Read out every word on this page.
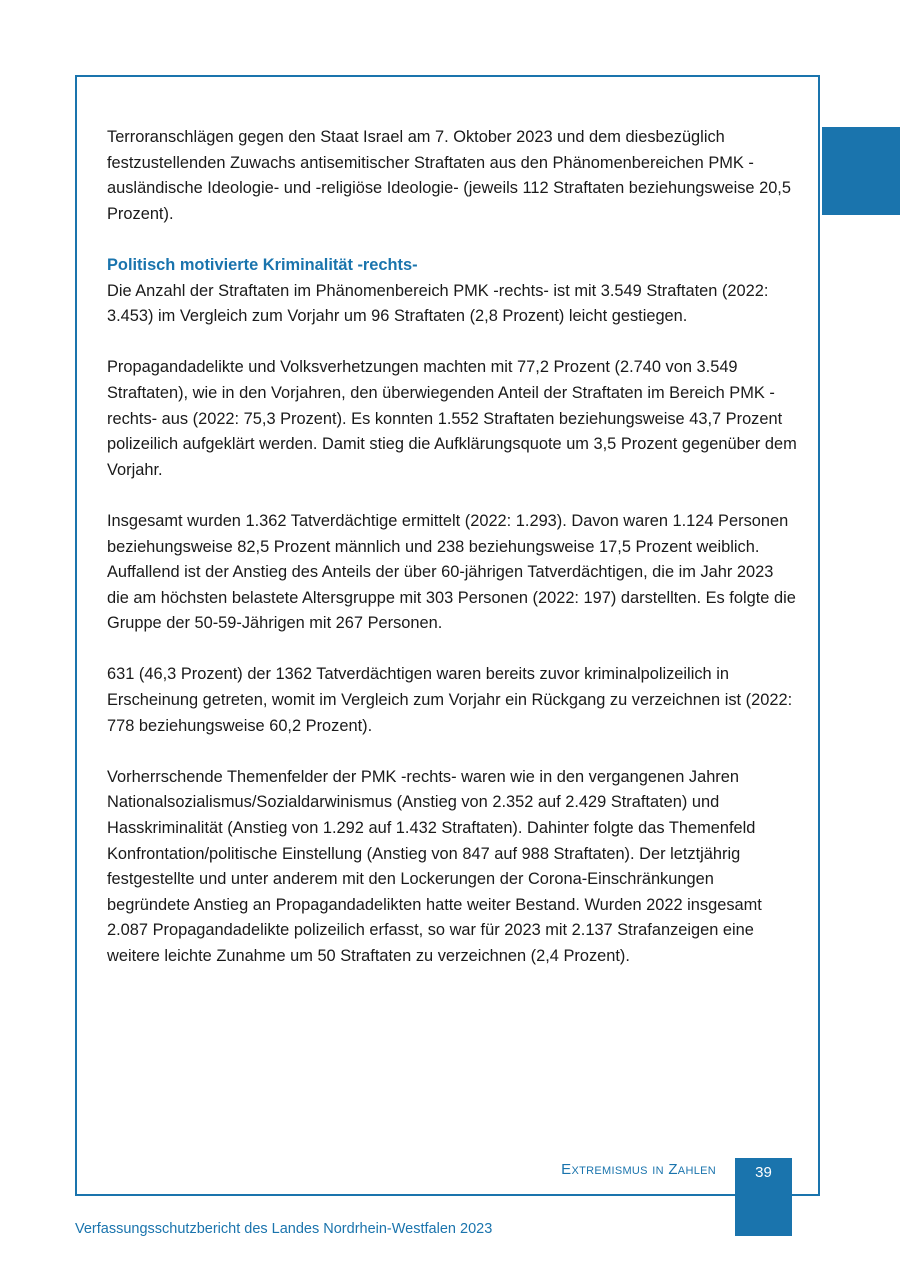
Terroranschlägen gegen den Staat Israel am 7. Oktober 2023 und dem diesbezüglich festzustellenden Zuwachs antisemitischer Straftaten aus den Phänomenbereichen PMK -ausländische Ideologie- und -religiöse Ideologie- (jeweils 112 Straftaten beziehungsweise 20,5 Prozent).

Politisch motivierte Kriminalität -rechts-

Die Anzahl der Straftaten im Phänomenbereich PMK -rechts- ist mit 3.549 Straftaten (2022: 3.453) im Vergleich zum Vorjahr um 96 Straftaten (2,8 Prozent) leicht gestiegen.

Propagandadelikte und Volksverhetzungen machten mit 77,2 Prozent (2.740 von 3.549 Straftaten), wie in den Vorjahren, den überwiegenden Anteil der Straftaten im Bereich PMK -rechts- aus (2022: 75,3 Prozent). Es konnten 1.552 Straftaten beziehungsweise 43,7 Prozent polizeilich aufgeklärt werden. Damit stieg die Aufklärungsquote um 3,5 Prozent gegenüber dem Vorjahr.

Insgesamt wurden 1.362 Tatverdächtige ermittelt (2022: 1.293). Davon waren 1.124 Personen beziehungsweise 82,5 Prozent männlich und 238 beziehungsweise 17,5 Prozent weiblich. Auffallend ist der Anstieg des Anteils der über 60-jährigen Tatverdächtigen, die im Jahr 2023 die am höchsten belastete Altersgruppe mit 303 Personen (2022: 197) darstellten. Es folgte die Gruppe der 50-59-Jährigen mit 267 Personen.

631 (46,3 Prozent) der 1362 Tatverdächtigen waren bereits zuvor kriminalpolizeilich in Erscheinung getreten, womit im Vergleich zum Vorjahr ein Rückgang zu verzeichnen ist (2022: 778 beziehungsweise 60,2 Prozent).

Vorherrschende Themenfelder der PMK -rechts- waren wie in den vergangenen Jahren Nationalsozialismus/Sozialdarwinismus (Anstieg von 2.352 auf 2.429 Straftaten) und Hasskriminalität (Anstieg von 1.292 auf 1.432 Straftaten). Dahinter folgte das Themenfeld Konfrontation/politische Einstellung (Anstieg von 847 auf 988 Straftaten). Der letztjährig festgestellte und unter anderem mit den Lockerungen der Corona-Einschränkungen begründete Anstieg an Propagandadelikten hatte weiter Bestand. Wurden 2022 insgesamt 2.087 Propagandadelikte polizeilich erfasst, so war für 2023 mit 2.137 Strafanzeigen eine weitere leichte Zunahme um 50 Straftaten zu verzeichnen (2,4 Prozent).

Extremismus in Zahlen	39
Verfassungsschutzbericht des Landes Nordrhein-Westfalen 2023
